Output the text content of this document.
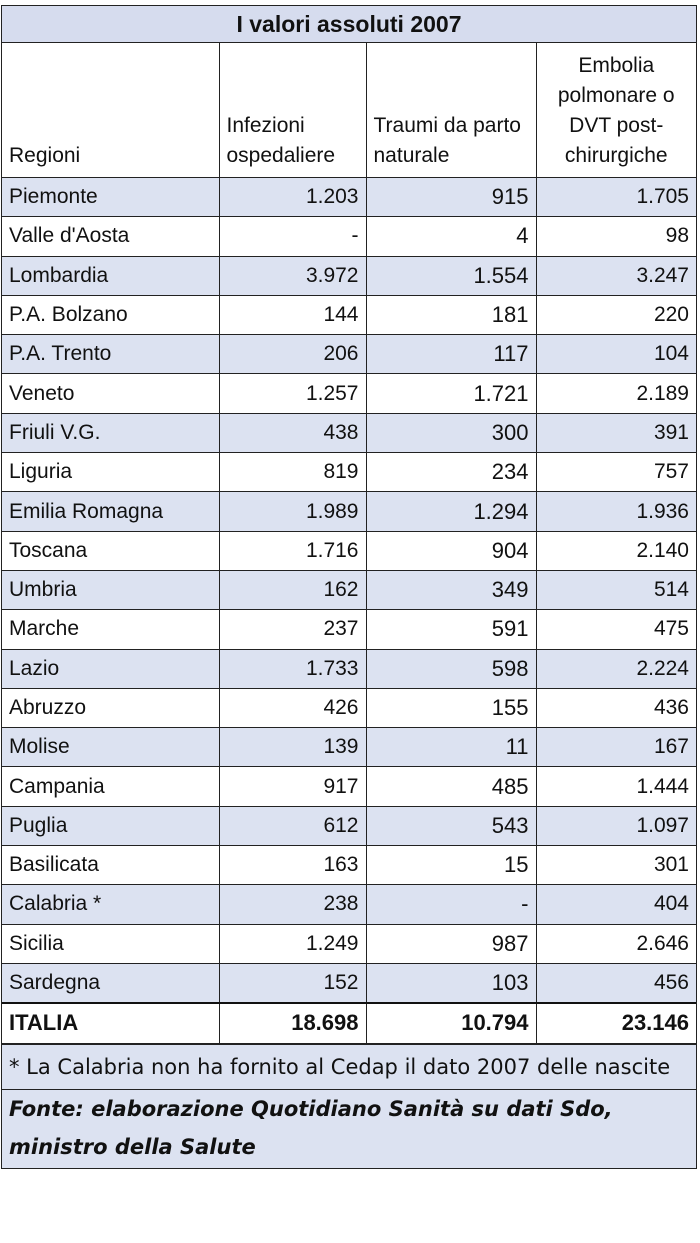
I valori assoluti 2007
Regioni	Infezioni ospedaliere	Traumi da parto naturale	Embolia polmonare o DVT post-chirurgiche
Piemonte	1.203	915	1.705
Valle d'Aosta	-	4	98
Lombardia	3.972	1.554	3.247
P.A. Bolzano	144	181	220
P.A. Trento	206	117	104
Veneto	1.257	1.721	2.189
Friuli V.G.	438	300	391
Liguria	819	234	757
Emilia Romagna	1.989	1.294	1.936
Toscana	1.716	904	2.140
Umbria	162	349	514
Marche	237	591	475
Lazio	1.733	598	2.224
Abruzzo	426	155	436
Molise	139	11	167
Campania	917	485	1.444
Puglia	612	543	1.097
Basilicata	163	15	301
Calabria *	238	-	404
Sicilia	1.249	987	2.646
Sardegna	152	103	456
ITALIA	18.698	10.794	23.146
* La Calabria non ha fornito al Cedap il dato 2007 delle nascite
Fonte: elaborazione Quotidiano Sanità su dati Sdo, ministro della Salute
